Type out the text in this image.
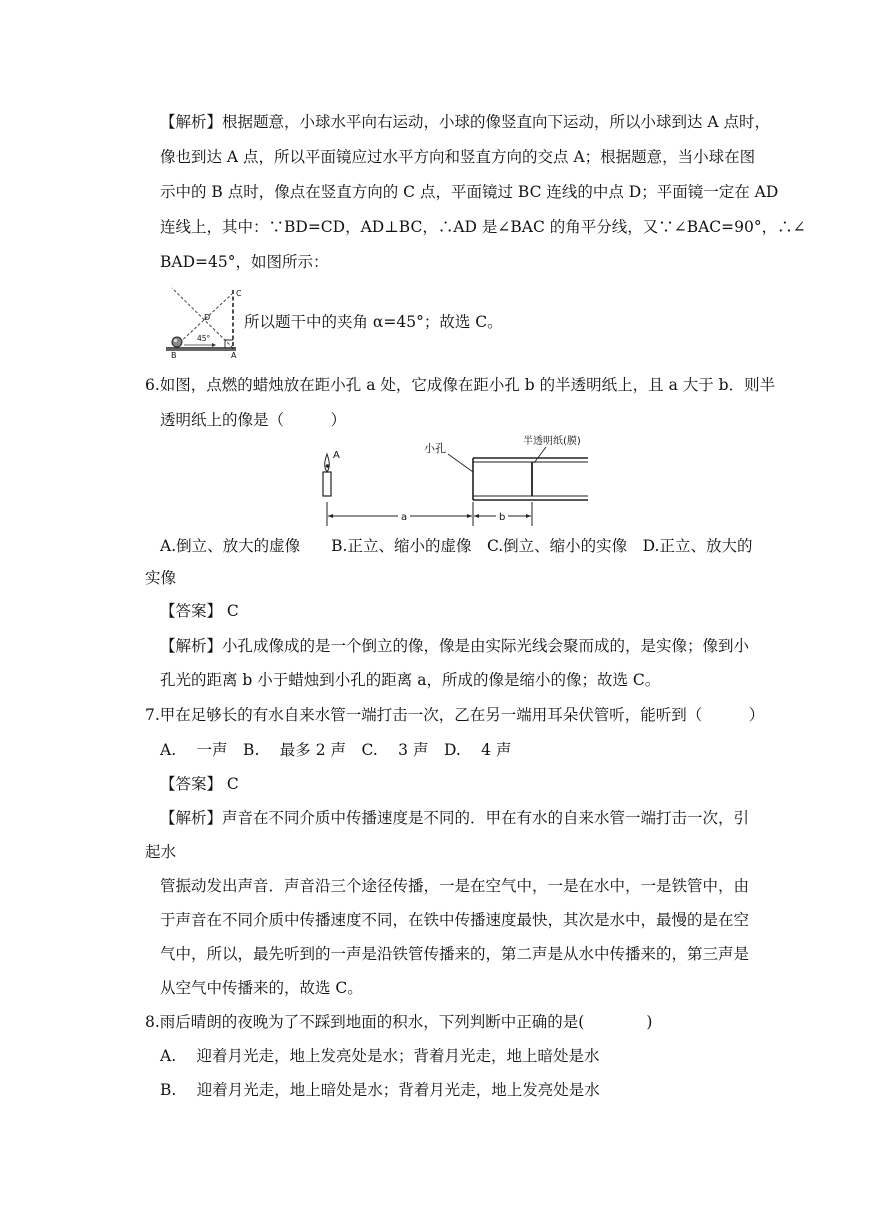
【解析】根据题意，小球水平向右运动，小球的像竖直向下运动，所以小球到达 A 点时，
像也到达 A 点，所以平面镜应过水平方向和竖直方向的交点 A；根据题意，当小球在图
示中的 B 点时，像点在竖直方向的 C 点，平面镜过 BC 连线的中点 D；平面镜一定在 AD
连线上，其中：∵BD=CD，AD⊥BC，∴AD 是∠BAC 的角平分线，又∵∠BAC=90°，∴∠
BAD=45°，如图所示：
C
D
45°
B	A
所以题干中的夹角 α=45°；故选 C。
6.如图，点燃的蜡烛放在距小孔 a 处，它成像在距小孔 b 的半透明纸上，且 a 大于 b．则半
透明纸上的像是（　　　）
A
小孔
半透明纸(膜)
a	b
A.倒立、放大的虚像　　B.正立、缩小的虚像　C.倒立、缩小的实像　D.正立、放大的
实像
【答案】 C
【解析】小孔成像成的是一个倒立的像，像是由实际光线会聚而成的，是实像；像到小
孔光的距离 b 小于蜡烛到小孔的距离 a，所成的像是缩小的像；故选 C。
7.甲在足够长的有水自来水管一端打击一次，乙在另一端用耳朵伏管听，能听到（　　　）
A.　 一声　B.　 最多 2 声　C.　 3 声　D.　 4 声
【答案】 C
【解析】声音在不同介质中传播速度是不同的．甲在有水的自来水管一端打击一次，引
起水
管振动发出声音．声音沿三个途径传播，一是在空气中，一是在水中，一是铁管中，由
于声音在不同介质中传播速度不同，在铁中传播速度最快，其次是水中，最慢的是在空
气中，所以，最先听到的一声是沿铁管传播来的，第二声是从水中传播来的，第三声是
从空气中传播来的，故选 C。
8.雨后晴朗的夜晚为了不踩到地面的积水，下列判断中正确的是(　　　　)
A.　 迎着月光走，地上发亮处是水；背着月光走，地上暗处是水
B.　 迎着月光走，地上暗处是水；背着月光走，地上发亮处是水
